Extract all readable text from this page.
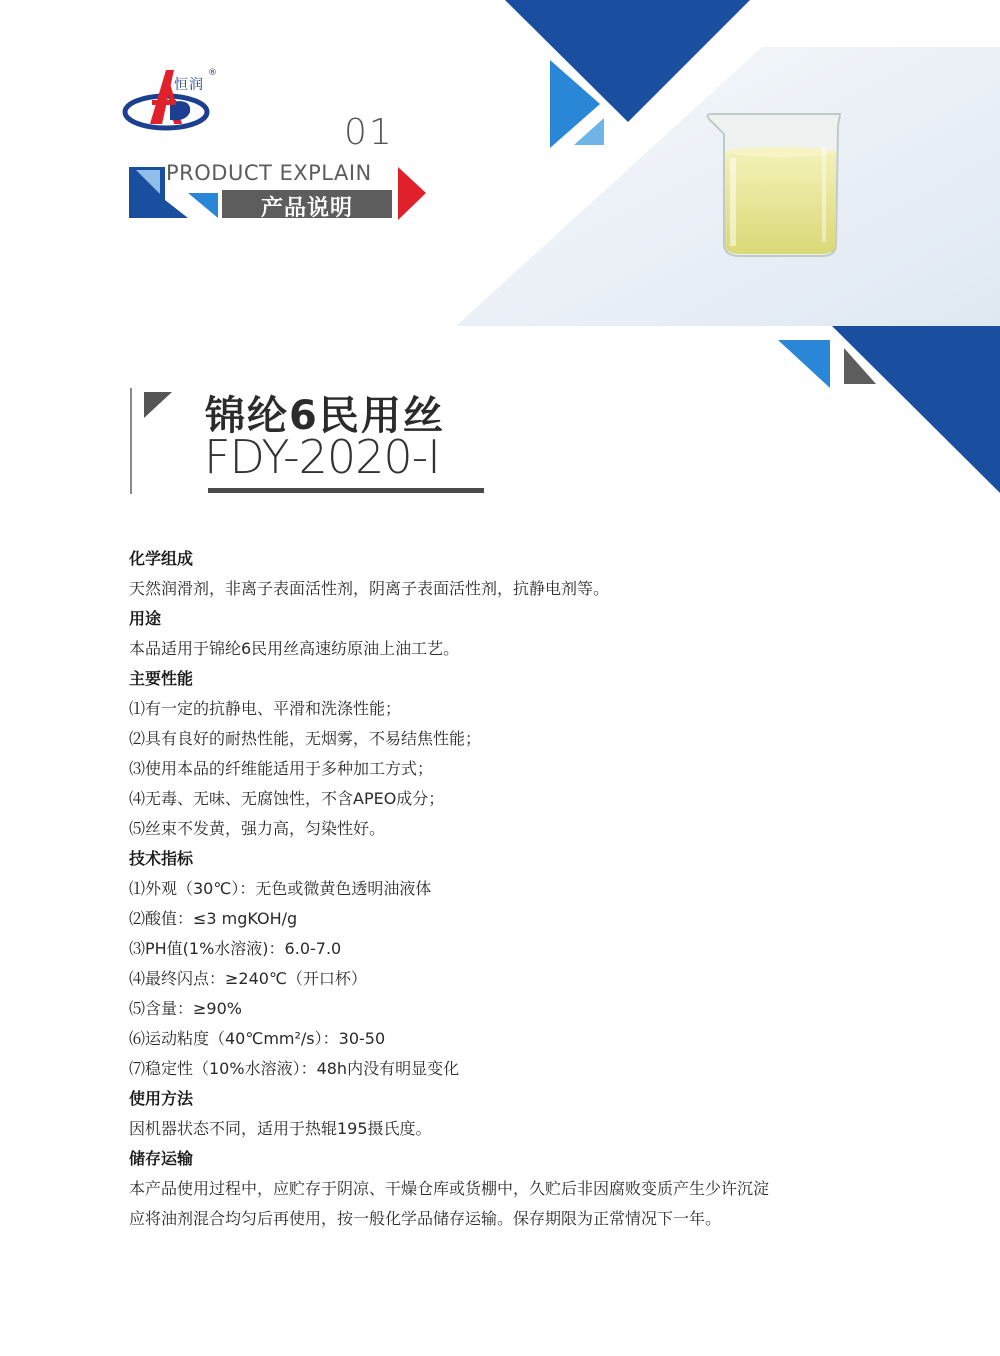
恒润
®
01
PRODUCT EXPLAIN
产品说明
锦纶6民用丝
FDY-2020-Ⅰ
化学组成
天然润滑剂，非离子表面活性剂，阴离子表面活性剂，抗静电剂等。
用途
本品适用于锦纶6民用丝高速纺原油上油工艺。
主要性能
⑴有一定的抗静电、平滑和洗涤性能；
⑵具有良好的耐热性能，无烟雾，不易结焦性能；
⑶使用本品的纤维能适用于多种加工方式；
⑷无毒、无味、无腐蚀性，不含APEO成分；
⑸丝束不发黄，强力高，匀染性好。
技术指标
⑴外观（30℃）：无色或微黄色透明油液体
⑵酸值：≤3 mgKOH/g
⑶PH值(1%水溶液)：6.0-7.0
⑷最终闪点：≥240℃（开口杯）
⑸含量：≥90%
⑹运动粘度（40℃mm²/s）：30-50
⑺稳定性（10%水溶液）：48h内没有明显变化
使用方法
因机器状态不同，适用于热辊195摄氏度。
储存运输
本产品使用过程中，应贮存于阴凉、干燥仓库或货棚中，久贮后非因腐败变质产生少许沉淀
应将油剂混合均匀后再使用，按一般化学品储存运输。保存期限为正常情况下一年。
